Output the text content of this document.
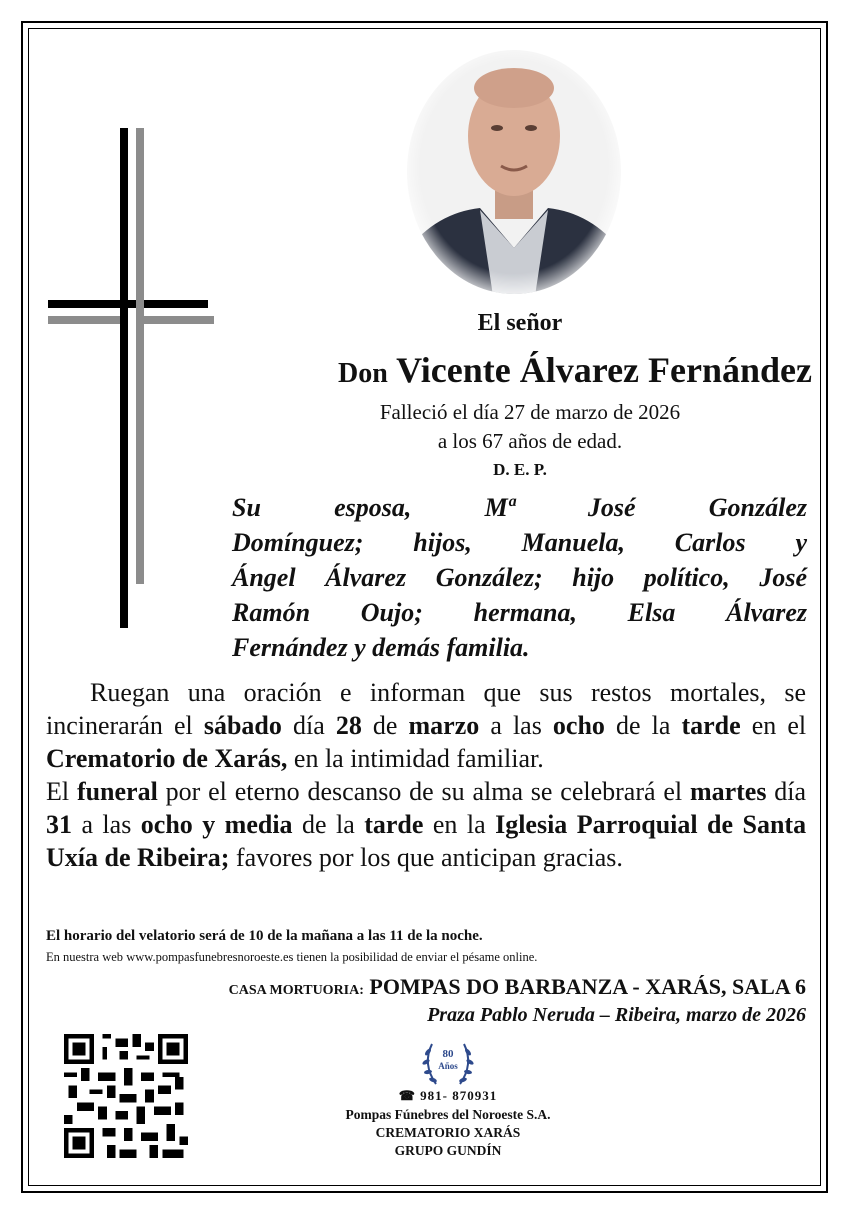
El señor
Don Vicente Álvarez Fernández
Falleció el día 27 de marzo de 2026
a los 67 años de edad.
D. E. P.
Su esposa, Mª José González
Domínguez; hijos, Manuela, Carlos y
Ángel Álvarez González; hijo político, José
Ramón Oujo; hermana, Elsa Álvarez
Fernández y demás familia.

Ruegan una oración e informan que sus restos mortales, se incinerarán el sábado día 28 de marzo a las ocho de la tarde en el Crematorio de Xarás, en la intimidad familiar.

El funeral por el eterno descanso de su alma se celebrará el martes día 31 a las ocho y media de la tarde en la Iglesia Parroquial de Santa Uxía de Ribeira; favores por los que anticipan gracias.

El horario del velatorio será de 10 de la mañana a las 11 de la noche.
En nuestra web www.pompasfunebresnoroeste.es tienen la posibilidad de enviar el pésame online.
CASA MORTUORIA: POMPAS DO BARBANZA - XARÁS, SALA 6
Praza Pablo Neruda – Ribeira, marzo de 2026
80
Años
☎ 981- 870931
Pompas Fúnebres del Noroeste S.A.
CREMATORIO XARÁS
GRUPO GUNDÍN
